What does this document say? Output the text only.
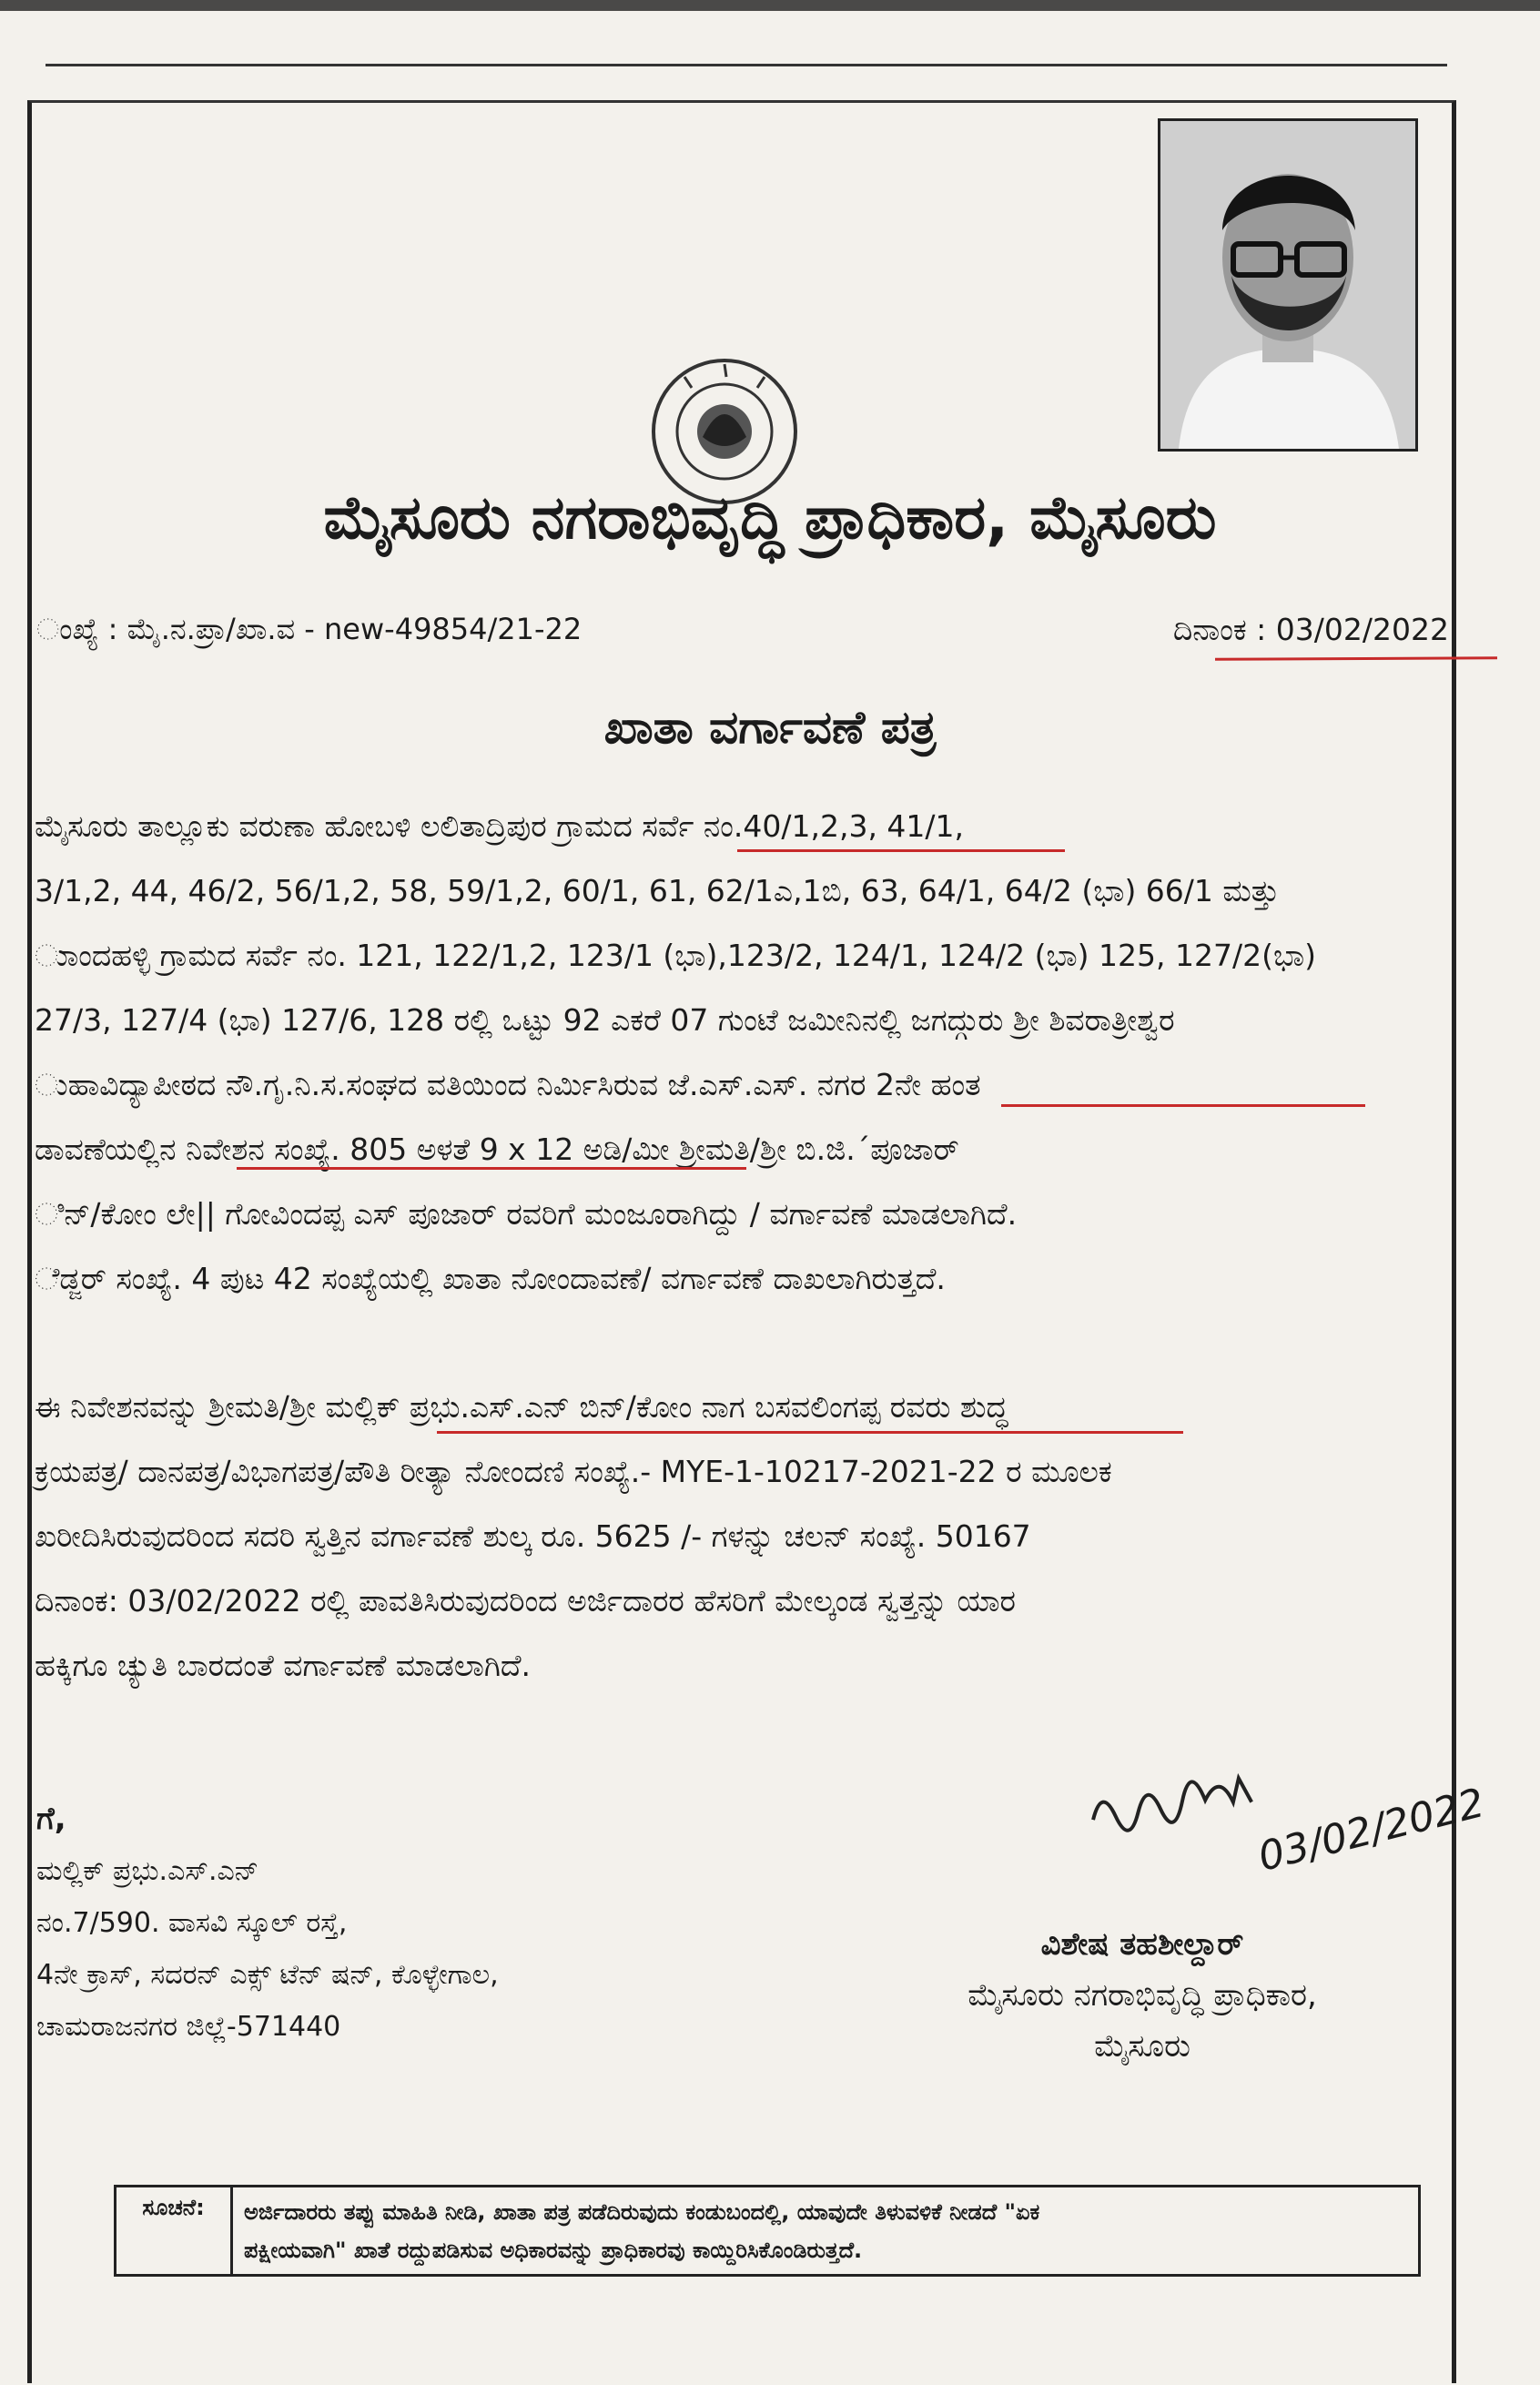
ಮೈಸೂರು ನಗರಾಭಿವೃದ್ಧಿ ಪ್ರಾಧಿಕಾರ, ಮೈಸೂರು
ಂಖ್ಯೆ : ಮೈ.ನ.ಪ್ರಾ/ಖಾ.ವ - new-49854/21-22	ದಿನಾಂಕ : 03/02/2022
ಖಾತಾ ವರ್ಗಾವಣೆ ಪತ್ರ
ಮೈಸೂರು ತಾಲ್ಲೂಕು ವರುಣಾ ಹೋಬಳಿ ಲಲಿತಾದ್ರಿಪುರ ಗ್ರಾಮದ ಸರ್ವೆ ನಂ.40/1,2,3, 41/1,
3/1,2, 44, 46/2, 56/1,2, 58, 59/1,2, 60/1, 61, 62/1ಎ,1ಬಿ, 63, 64/1, 64/2 (ಭಾ) 66/1 ಮತ್ತು
ುಾಂದಹಳ್ಳಿ ಗ್ರಾಮದ ಸರ್ವೆ ನಂ. 121, 122/1,2, 123/1 (ಭಾ),123/2, 124/1, 124/2 (ಭಾ) 125, 127/2(ಭಾ)
27/3, 127/4 (ಭಾ) 127/6, 128 ರಲ್ಲಿ ಒಟ್ಟು 92 ಎಕರೆ 07 ಗುಂಟೆ ಜಮೀನಿನಲ್ಲಿ ಜಗದ್ಗುರು ಶ್ರೀ ಶಿವರಾತ್ರೀಶ್ವರ
ುಹಾವಿದ್ಯಾಪೀಠದ ನೌ.ಗೃ.ನಿ.ಸ.ಸಂಘದ ವತಿಯಿಂದ ನಿರ್ಮಿಸಿರುವ ಜೆ.ಎಸ್.ಎಸ್. ನಗರ 2ನೇ ಹಂತ
ಡಾವಣೆಯಲ್ಲಿನ ನಿವೇಶನ ಸಂಖ್ಯೆ. 805 ಅಳತೆ 9 x 12 ಅಡಿ/ಮೀ ಶ್ರೀಮತಿ/ಶ್ರೀ ಬಿ.ಜಿ.´ಪೂಜಾರ್
ಿನ್/ಕೋಂ ಲೇ|| ಗೋವಿಂದಪ್ಪ ಎಸ್ ಪೂಜಾರ್ ರವರಿಗೆ ಮಂಜೂರಾಗಿದ್ದು / ವರ್ಗಾವಣೆ ಮಾಡಲಾಗಿದೆ.
ೆಡ್ಜರ್ ಸಂಖ್ಯೆ. 4 ಪುಟ 42 ಸಂಖ್ಯೆಯಲ್ಲಿ ಖಾತಾ ನೋಂದಾವಣೆ/ ವರ್ಗಾವಣೆ ದಾಖಲಾಗಿರುತ್ತದೆ.
ಈ ನಿವೇಶನವನ್ನು ಶ್ರೀಮತಿ/ಶ್ರೀ ಮಲ್ಲಿಕ್ ಪ್ರಭು.ಎಸ್.ಎನ್ ಬಿನ್/ಕೋಂ ನಾಗ ಬಸವಲಿಂಗಪ್ಪ ರವರು ಶುದ್ಧ
ಕ್ರಯಪತ್ರ/ ದಾನಪತ್ರ/ವಿಭಾಗಪತ್ರ/ಪೌತಿ ರೀತ್ಯಾ ನೋಂದಣಿ ಸಂಖ್ಯೆ.- MYE-1-10217-2021-22 ರ ಮೂಲಕ
ಖರೀದಿಸಿರುವುದರಿಂದ ಸದರಿ ಸ್ವತ್ತಿನ ವರ್ಗಾವಣೆ ಶುಲ್ಕ ರೂ. 5625 /- ಗಳನ್ನು ಚಲನ್ ಸಂಖ್ಯೆ. 50167
ದಿನಾಂಕ: 03/02/2022 ರಲ್ಲಿ ಪಾವತಿಸಿರುವುದರಿಂದ ಅರ್ಜಿದಾರರ ಹೆಸರಿಗೆ ಮೇಲ್ಕಂಡ ಸ್ವತ್ತನ್ನು ಯಾರ
ಹಕ್ಕಿಗೂ ಚ್ಯುತಿ ಬಾರದಂತೆ ವರ್ಗಾವಣೆ ಮಾಡಲಾಗಿದೆ.
ಗೆ,
ಮಲ್ಲಿಕ್ ಪ್ರಭು.ಎಸ್.ಎನ್
ನಂ.7/590. ವಾಸವಿ ಸ್ಕೂಲ್ ರಸ್ತೆ,
4ನೇ ಕ್ರಾಸ್, ಸದರನ್ ಎಕ್ಸ್ ಟೆನ್ ಷನ್, ಕೊಳ್ಳೇಗಾಲ,
ಚಾಮರಾಜನಗರ ಜಿಲ್ಲೆ-571440
03/02/2022
ವಿಶೇಷ ತಹಶೀಲ್ದಾರ್
ಮೈಸೂರು ನಗರಾಭಿವೃದ್ಧಿ ಪ್ರಾಧಿಕಾರ,
ಮೈಸೂರು
ಸೂಚನೆ:	ಅರ್ಜಿದಾರರು ತಪ್ಪು ಮಾಹಿತಿ ನೀಡಿ, ಖಾತಾ ಪತ್ರ ಪಡೆದಿರುವುದು ಕಂಡುಬಂದಲ್ಲಿ, ಯಾವುದೇ ತಿಳುವಳಿಕೆ ನೀಡದೆ "ಏಕ
ಪಕ್ಷೀಯವಾಗಿ" ಖಾತೆ ರದ್ದುಪಡಿಸುವ ಅಧಿಕಾರವನ್ನು ಪ್ರಾಧಿಕಾರವು ಕಾಯ್ದಿರಿಸಿಕೊಂಡಿರುತ್ತದೆ.
